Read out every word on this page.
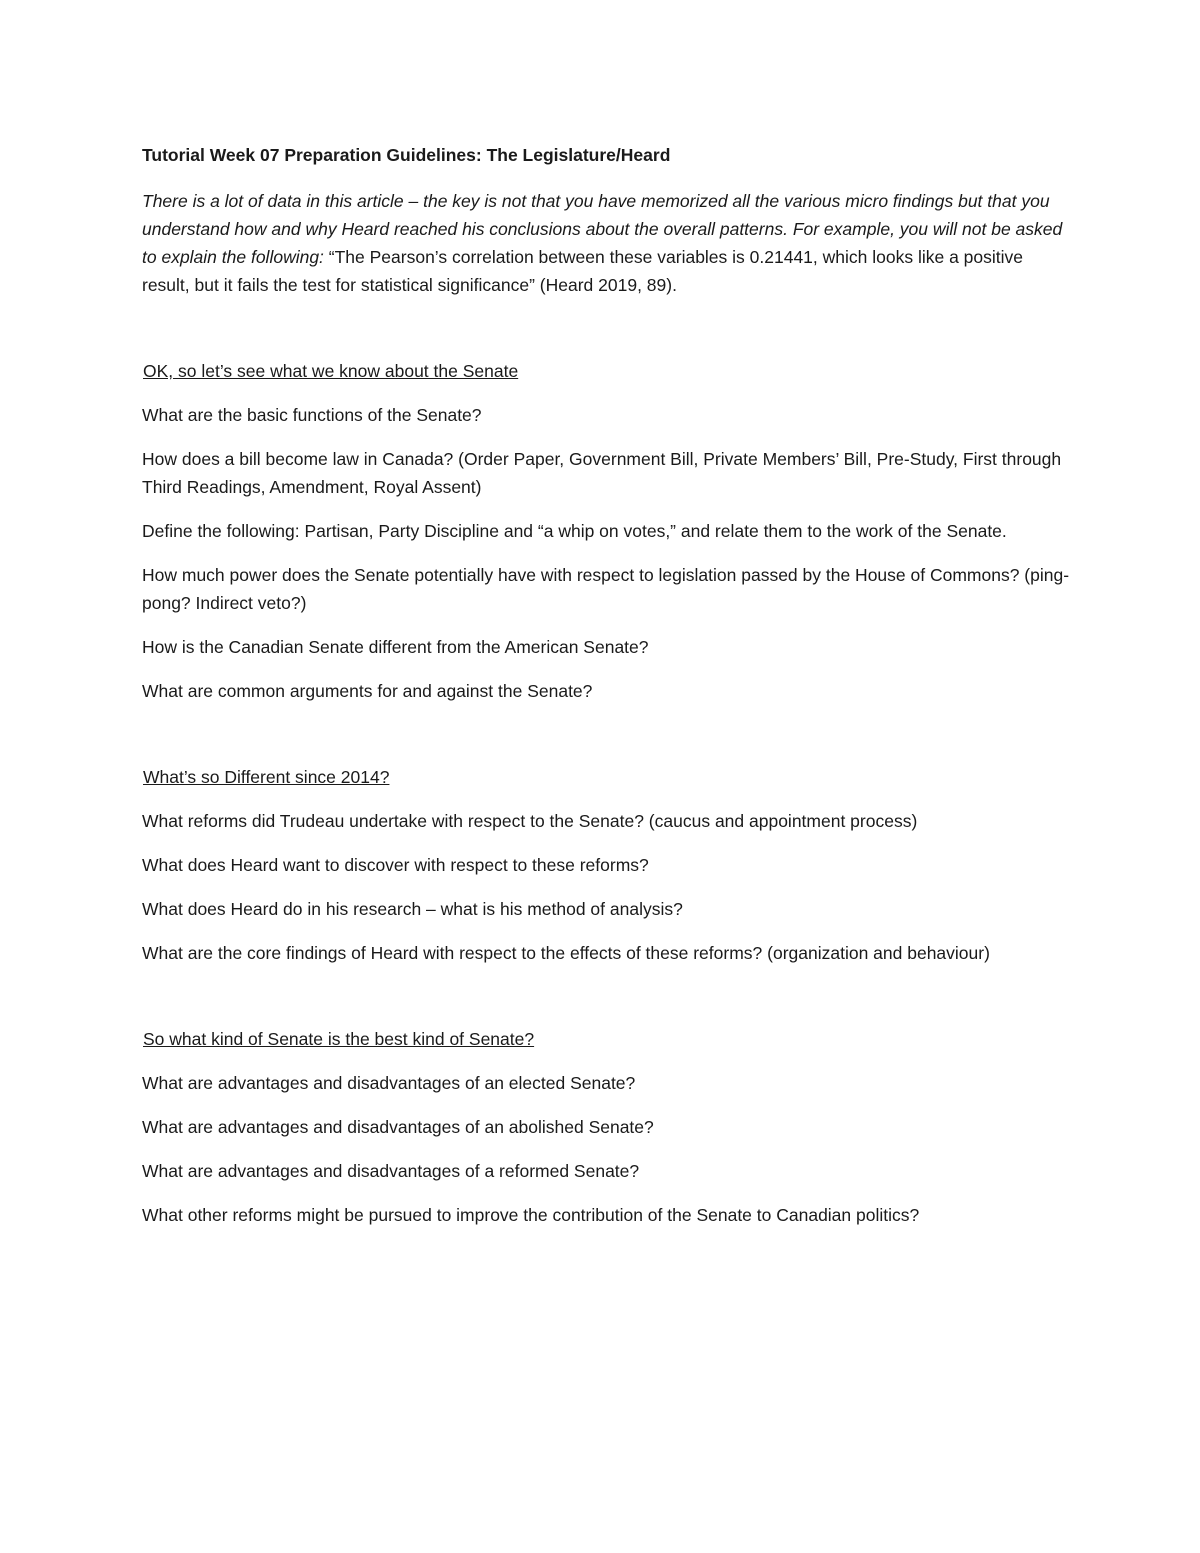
Tutorial Week 07 Preparation Guidelines: The Legislature/Heard

There is a lot of data in this article – the key is not that you have memorized all the various micro findings but that you understand how and why Heard reached his conclusions about the overall patterns. For example, you will not be asked to explain the following: “The Pearson’s correlation between these variables is 0.21441, which looks like a positive result, but it fails the test for statistical significance” (Heard 2019, 89).

OK, so let’s see what we know about the Senate

What are the basic functions of the Senate?

How does a bill become law in Canada? (Order Paper, Government Bill, Private Members’ Bill, Pre-Study, First through Third Readings, Amendment, Royal Assent)

Define the following: Partisan, Party Discipline and “a whip on votes,” and relate them to the work of the Senate.

How much power does the Senate potentially have with respect to legislation passed by the House of Commons? (ping-pong? Indirect veto?)

How is the Canadian Senate different from the American Senate?

What are common arguments for and against the Senate?

What’s so Different since 2014?

What reforms did Trudeau undertake with respect to the Senate? (caucus and appointment process)

What does Heard want to discover with respect to these reforms?

What does Heard do in his research – what is his method of analysis?

What are the core findings of Heard with respect to the effects of these reforms? (organization and behaviour)

So what kind of Senate is the best kind of Senate?

What are advantages and disadvantages of an elected Senate?

What are advantages and disadvantages of an abolished Senate?

What are advantages and disadvantages of a reformed Senate?

What other reforms might be pursued to improve the contribution of the Senate to Canadian politics?
